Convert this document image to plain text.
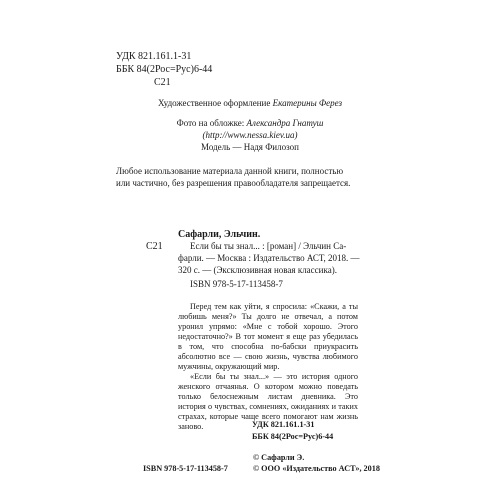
УДК 821.161.1-31
ББК 84(2Рос=Рус)6-44
С21
Художественное оформление Екатерины Ферез
Фото на обложке: Александра Гнатуш
(http://www.nessa.kiev.ua)
Модель — Надя Филозоп
Любое использование материала данной книги, полностью
или частично, без разрешения правообладателя запрещается.
Сафарли, Эльчин.
С21	Если бы ты знал... : [роман] / Эльчин Са-
фарли. — Москва : Издательство АСТ, 2018. —
320 с. — (Эксклюзивная новая классика).
ISBN 978-5-17-113458-7

Перед тем как уйти, я спросила: «Скажи, а ты любишь меня?» Ты долго не отвечал, а потом уронил упрямо: «Мне с тобой хорошо. Этого недостаточно?» В тот момент я еще раз убедилась в том, что способна по-бабски приукрасить абсолютно все — свою жизнь, чувства любимого мужчины, окружающий мир.

«Если бы ты знал...» — это история одного женского отчаянья. О котором можно поведать только белоснежным листам дневника. Это история о чувствах, сомнениях, ожиданиях и таких страхах, которые чаще всего помогают нам жизнь заново.	УДК 821.161.1-31
ББК 84(2Рос=Рус)6-44
© Сафарли Э.
ISBN 978-5-17-113458-7	© ООО «Издательство АСТ», 2018
